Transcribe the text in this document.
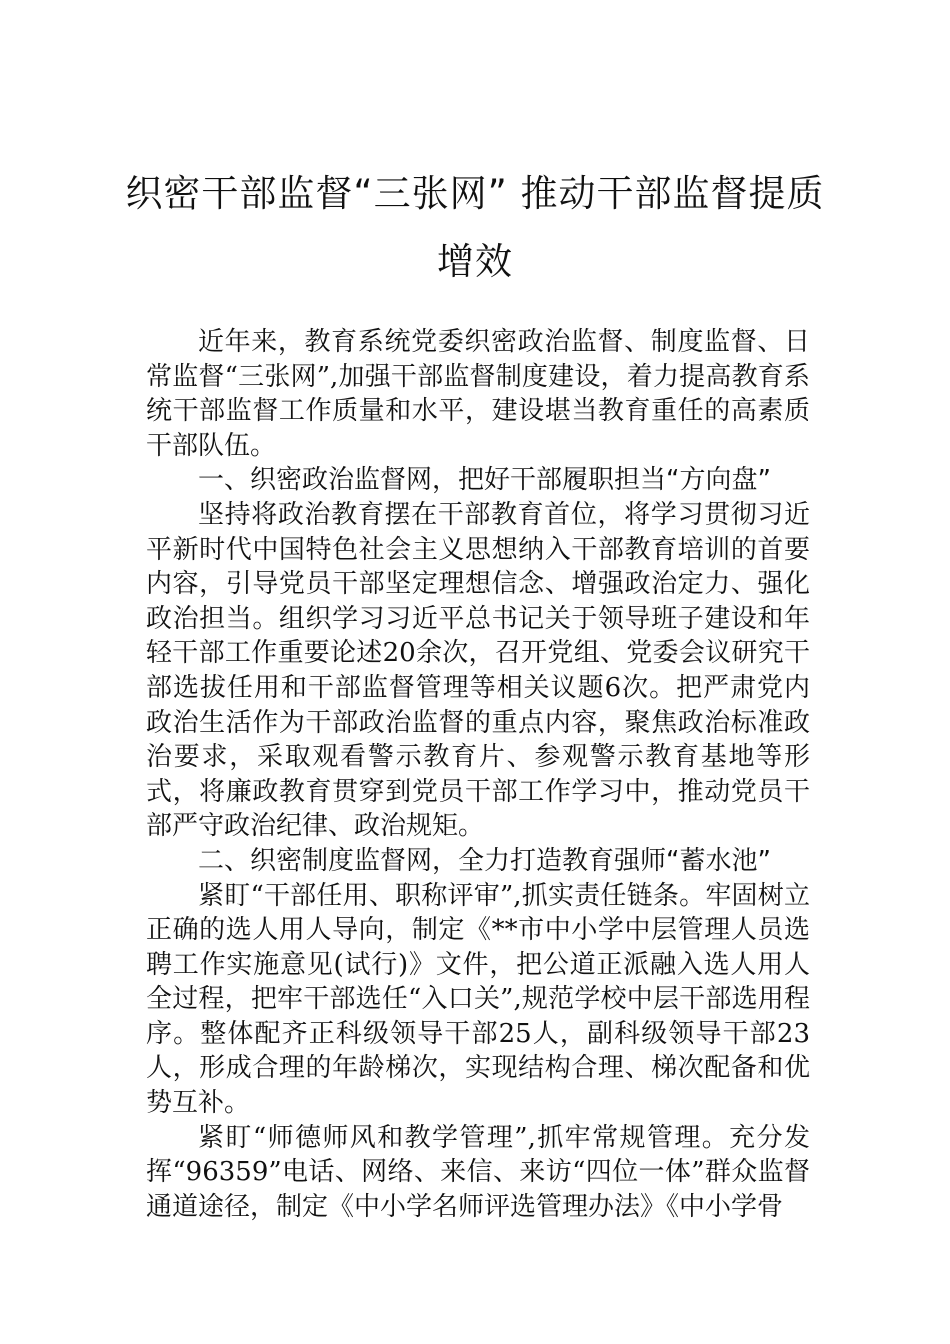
织密干部监督“三张网” 推动干部监督提质增效

近年来，教育系统党委织密政治监督、制度监督、日常监督“三张网”,加强干部监督制度建设，着力提高教育系统干部监督工作质量和水平，建设堪当教育重任的高素质干部队伍。

一、织密政治监督网，把好干部履职担当“方向盘”

坚持将政治教育摆在干部教育首位，将学习贯彻习近平新时代中国特色社会主义思想纳入干部教育培训的首要内容，引导党员干部坚定理想信念、增强政治定力、强化政治担当。组织学习习近平总书记关于领导班子建设和年轻干部工作重要论述20余次，召开党组、党委会议研究干部选拔任用和干部监督管理等相关议题6次。把严肃党内政治生活作为干部政治监督的重点内容，聚焦政治标准政治要求，采取观看警示教育片、参观警示教育基地等形式，将廉政教育贯穿到党员干部工作学习中，推动党员干部严守政治纪律、政治规矩。

二、织密制度监督网，全力打造教育强师“蓄水池”

紧盯“干部任用、职称评审”,抓实责任链条。牢固树立正确的选人用人导向，制定《**市中小学中层管理人员选聘工作实施意见(试行)》文件，把公道正派融入选人用人全过程，把牢干部选任“入口关”,规范学校中层干部选用程序。整体配齐正科级领导干部25人，副科级领导干部23人，形成合理的年龄梯次，实现结构合理、梯次配备和优势互补。

紧盯“师德师风和教学管理”,抓牢常规管理。充分发挥“96359”电话、网络、来信、来访“四位一体”群众监督通道途径，制定《中小学名师评选管理办法》《中小学骨
